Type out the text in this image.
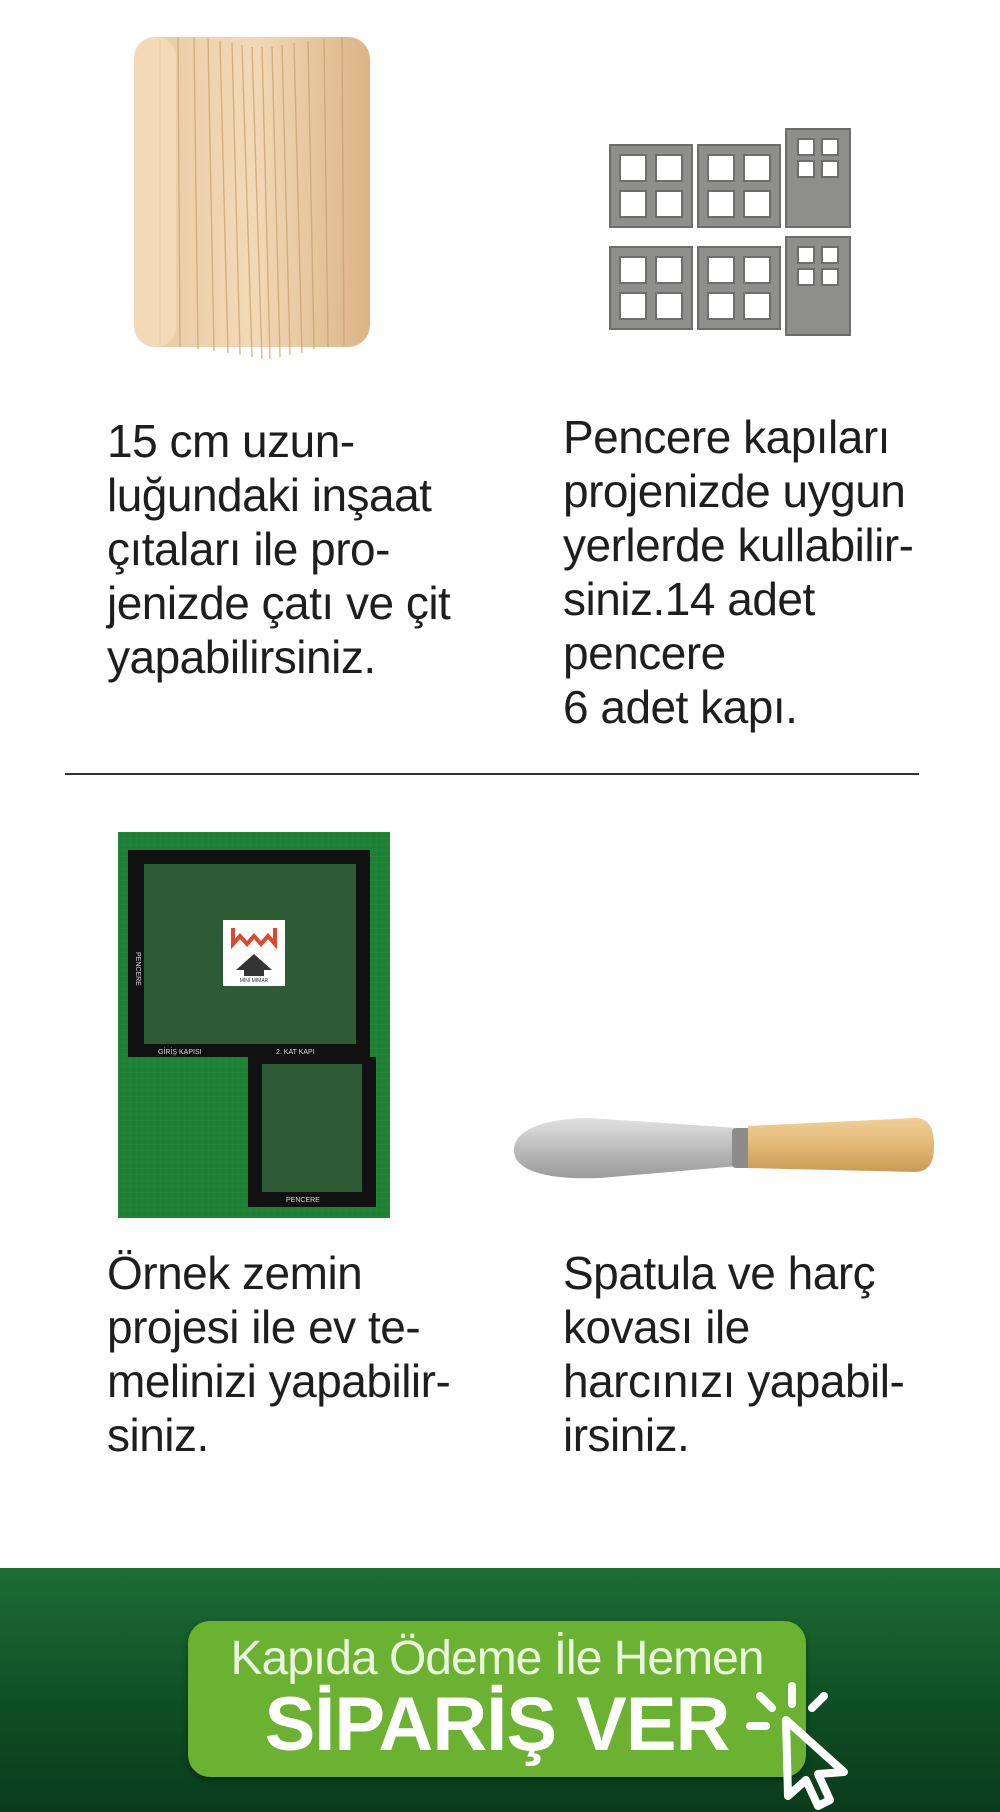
15 cm uzun-
luğundaki inşaat
çıtaları ile pro-
jenizde çatı ve çit
yapabilirsiniz.
Pencere kapıları
projenizde uygun
yerlerde kullabilir-
siniz.14 adet
pencere
6 adet kapı.
MİNİ MİMAR
PENCERE
GİRİŞ KAPISI	2. KAT KAPI
PENCERE
Örnek zemin
projesi ile ev te-
melinizi yapabilir-
siniz.
Spatula ve harç
kovası ile
harcınızı yapabil-
irsiniz.
Kapıda Ödeme İle Hemen
SİPARİŞ VER
